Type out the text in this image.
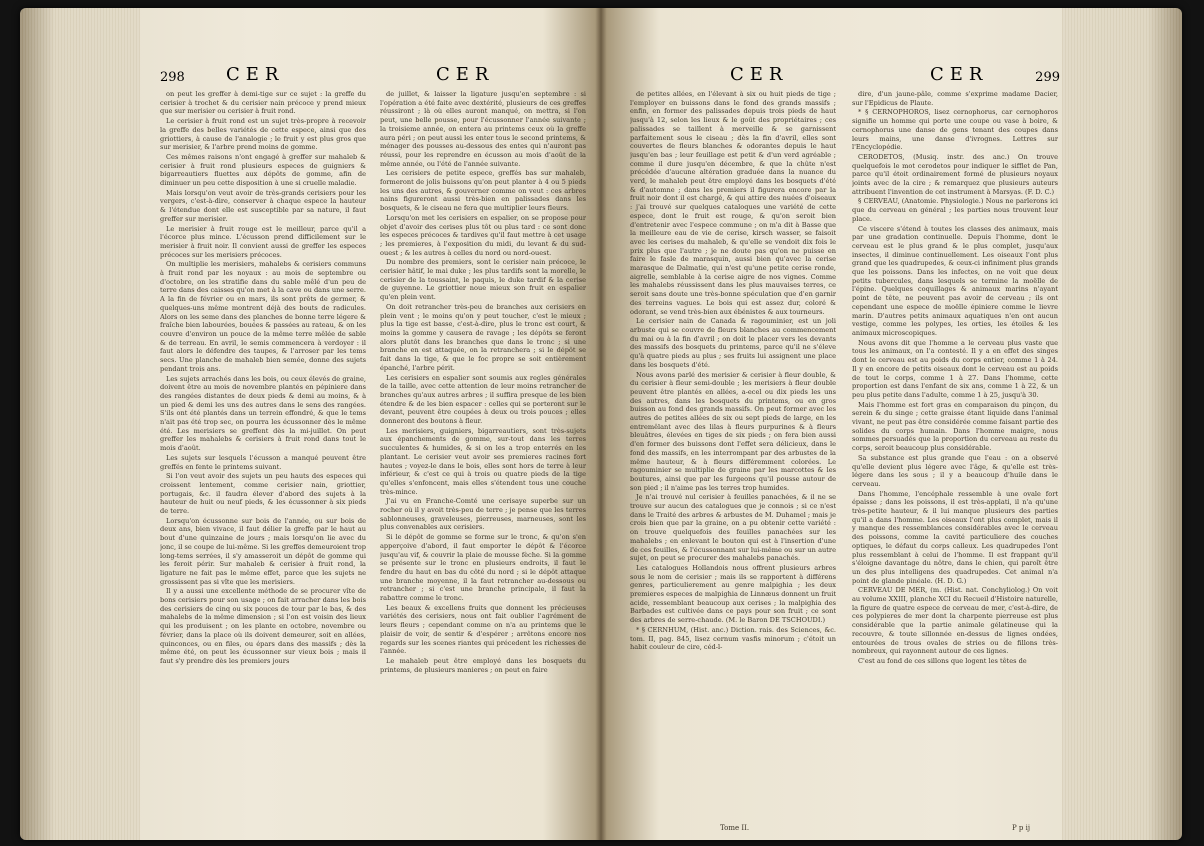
298 CER	CER

on peut les greffer à demi-tige sur ce sujet : la greffe du cerisier à trochet & du cerisier nain précoce y prend mieux que sur merisier ou cerisier à fruit rond.

Le cerisier à fruit rond est un sujet très-propre à recevoir la greffe des belles variétés de cette espece, ainsi que des griottiers, à cause de l'analogie ; le fruit y est plus gros que sur merisier, & l'arbre prend moins de gomme.

Ces mêmes raisons n'ont engagé à greffer sur mahaleb & cerisier à fruit rond plusieurs especes de guigniers & bigarreautiers fluettes aux dépôts de gomme, afin de diminuer un peu cette disposition à une si cruelle maladie.

Mais lorsqu'on veut avoir de très-grands cerisiers pour les vergers, c'est-à-dire, conserver à chaque espece la hauteur & l'étendue dont elle est susceptible par sa nature, il faut greffer sur merisier.

Le merisier à fruit rouge est le meilleur, parce qu'il a l'écorce plus mince. L'écusson prend difficilement sur le merisier à fruit noir. Il convient aussi de greffer les especes précoces sur les merisiers précoces.

On multiplie les merisiers, mahalebs & cerisiers communs à fruit rond par les noyaux : au mois de septembre ou d'octobre, on les stratifie dans du sable mêlé d'un peu de terre dans des caisses qu'on met à la cave ou dans une serre. A la fin de février ou en mars, ils sont prêts de germer, & quelques-uns même montrent déjà des bouts de radicules. Alors on les seme dans des planches de bonne terre légere & fraîche bien labourées, bouées & passées au rateau, & on les couvre d'environ un pouce de la même terre mêlée de sable & de terreau. En avril, le semis commencera à verdoyer : il faut alors le défendre des taupes, & l'arroser par les tems secs. Une planche de mahaleb bien semée, donne des sujets pendant trois ans.

Les sujets arrachés dans les bois, ou ceux élevés de graine, doivent être au mois de novembre plantés en pépiniere dans des rangées distantes de deux pieds & demi au moins, & à un pied & demi les uns des autres dans le sens des rangées. S'ils ont été plantés dans un terrein effondré, & que le tems n'ait pas été trop sec, on pourra les écussonner dès le même été. Les merisiers se greffent dès la mi-juillet. On peut greffer les mahalebs & cerisiers à fruit rond dans tout le mois d'août.

Les sujets sur lesquels l'écusson a manqué peuvent être greffés en fente le printems suivant.

Si l'on veut avoir des sujets un peu hauts des especes qui croissent lentement, comme cerisier nain, griottier, portugais, &c. il faudra élever d'abord des sujets à la hauteur de huit ou neuf pieds, & les écussonner à six pieds de terre.

Lorsqu'on écussonne sur bois de l'année, ou sur bois de deux ans, bien vivace, il faut délier la greffe par le haut au bout d'une quinzaine de jours ; mais lorsqu'on lie avec du jonc, il se coupe de lui-même. Si les greffes demeuroient trop long-tems serrées, il s'y amasseroit un dépôt de gomme qui les feroit périr. Sur mahaleb & cerisier à fruit rond, la ligature ne fait pas le même effet, parce que les sujets ne grossissent pas si vîte que les merisiers.

Il y a aussi une excellente méthode de se procurer vîte de bons cerisiers pour son usage ; on fait arracher dans les bois des cerisiers de cinq ou six pouces de tour par le bas, & des mahalebs de la même dimension ; si l'on est voisin des lieux qui les produisent ; on les plante en octobre, novembre ou février, dans la place où ils doivent demeurer, soit en allées, quinconces, ou en files, ou épars dans des massifs ; dès la même été, on peut les écussonner sur vieux bois ; mais il faut s'y prendre dès les premiers jours

de juillet, & laisser la ligature jusqu'en septembre : si l'opération a été faite avec dextérité, plusieurs de ces greffes réussiront ; là où elles auront manqué, on mettra, si l'on peut, une belle pousse, pour l'écussonner l'année suivante ; la troisieme année, on entera au printems ceux où la greffe aura péri ; on peut aussi les enter tous le second printems, & ménager des pousses au-dessous des entes qui n'auront pas réussi, pour les reprendre en écusson au mois d'août de la même année, ou l'été de l'année suivante.

Les cerisiers de petite espece, greffés bas sur mahaleb, formeront de jolis buissons qu'on peut planter à 4 ou 5 pieds les uns des autres, & gouverner comme on veut : ces arbres nains figureront aussi très-bien en palissades dans les bosquets, & le ciseau ne fera que multiplier leurs fleurs.

Lorsqu'on met les cerisiers en espalier, on se propose pour objet d'avoir des cerises plus tôt ou plus tard : ce sont donc les especes précoces & tardives qu'il faut mettre à cet usage ; les premieres, à l'exposition du midi, du levant & du sud-ouest ; & les autres à celles du nord ou nord-ouest.

Du nombre des premiers, sont le cerisier nain précoce, le cerisier hâtif, le mai duke ; les plus tardifs sont la morelle, le cerisier de la toussaint, le paquis, le duke tardif & la cerise de guyenne. Le griottier noue mieux son fruit en espalier qu'en plein vent.

On doit retrancher très-peu de branches aux cerisiers en plein vent ; le moins qu'on y peut toucher, c'est le mieux ; plus la tige est basse, c'est-à-dire, plus le tronc est court, & moins la gomme y causera de ravage ; les dépôts se feront alors plutôt dans les branches que dans le tronc ; si une branche en est attaquée, on la retranchera ; si le dépôt se fait dans la tige, & que le foc propre se soit entièrement épanché, l'arbre périt.

Les cerisiers en espalier sont soumis aux regles générales de la taille, avec cette attention de leur moins retrancher de branches qu'aux autres arbres ; il suffira presque de les bien étendre & de les bien espacer : celles qui se porteront sur le devant, peuvent être coupées à deux ou trois pouces ; elles donneront des boutons à fleur.

Les merisiers, guigniers, bigarreautiers, sont très-sujets aux épanchements de gomme, sur-tout dans les terres succulentes & humides, & si on les a trop enterrés en les plantant. Le cerisier veut avoir ses premieres racines fort hautes ; voyez-le dans le bois, elles sont hors de terre à leur inférieur, & c'est ce qui à trois ou quatre pieds de la tige qu'elles s'enfoncent, mais elles s'étendent tous une couche très-mince.

J'ai vu en Franche-Comté une cerisaye superbe sur un rocher où il y avoit très-peu de terre ; je pense que les terres sablonneuses, graveleuses, pierreuses, marneuses, sont les plus convenables aux cerisiers.

Si le dépôt de gomme se forme sur le tronc, & qu'on s'en apperçoive d'abord, il faut emporter le dépôt & l'écorce jusqu'au vif, & couvrir la plaie de mousse fèche. Si la gomme se présente sur le tronc en plusieurs endroits, il faut le fendre du haut en bas du côté du nord ; si le dépôt attaque une branche moyenne, il la faut retrancher au-dessous ou retrancher ; si c'est une branche principale, il faut la rabattre comme le tronc.

Les beaux & excellens fruits que donnent les précieuses variétés des cerisiers, nous ont fait oublier l'agrément de leurs fleurs ; cependant comme on n'a au printems que le plaisir de voir, de sentir & d'espérer ; arrêtons encore nos regards sur les scenes riantes qui précedent les richesses de l'année.

Le mahaleb peut être employé dans les bosquets du printems, de plusieurs manieres ; on peut en faire

CER	CER	299

de petites allées, en l'élevant à six ou huit pieds de tige ; l'employer en buissons dans le fond des grands massifs ; enfin, en former des palissades depuis trois pieds de haut jusqu'à 12, selon les lieux & le goût des propriétaires ; ces palissades se taillent à merveille & se garnissent parfaitement sous le ciseau ; dès la fin d'avril, elles sont couvertes de fleurs blanches & odorantes depuis le haut jusqu'en bas ; leur feuillage est petit & d'un verd agréable ; comme il dure jusqu'en décembre, & que la chûte n'est précédée d'aucune altération graduée dans la nuance du verd, le mahaleb peut être employé dans les bosquets d'été & d'automne ; dans les premiers il figurera encore par la fruit noir dont il est chargé, & qui attire des nuées d'oiseaux : j'ai trouvé sur quelques cataloques une variété de cette espece, dont le fruit est rouge, & qu'on seroit bien d'entretenir avec l'espece commune ; on m'a dit à Basse que la meilleure eau de vie de cerise, kirsch wasser, se faisoit avec les cerises du mahaleb, & qu'elle se vendoit dix fois le prix plus que l'autre ; je ne doute pas qu'on ne puisse en faire le fasle de marasquin, aussi bien qu'avec la cerise marasque de Dalmatie, qui n'est qu'une petite cerise ronde, aigrelle, semblable à la cerise aigre de nos vignes. Comme les mahalebs réussissent dans les plus mauvaises terres, ce seroit sans doute une très-bonne spéculation que d'en garnir des terreins vagues. Le bois qui est assez dur, coloré & odorant, se vend très-bien aux ébénistes & aux tourneurs.

Le cerisier nain de Canada & ragouminier, est un joli arbuste qui se couvre de fleurs blanches au commencement du mai ou à la fin d'avril ; on doit le placer vers les devants des massifs des bosquets du printems, parce qu'il ne s'éleve qu'à quatre pieds au plus ; ses fruits lui assignent une place dans les bosquets d'été.

Nous avons parlé des merisier & cerisier à fleur double, & du cerisier à fleur semi-double ; les merisiers à fleur double peuvent être plantés en allées, a-ecel ou dix pieds les uns des autres, dans les bosquets du printems, ou en gros buisson au fond des grands massifs. On peut former avec les autres de petites allées de six ou sept pieds de large, en les entremêlant avec des lilas à fleurs purpurines & à fleurs bleuâtres, élevées en tiges de six pieds ; on fera bien aussi d'en former des buissons dont l'effet sera délicieux, dans le fond des massifs, en les interrompant par des arbustes de la même hauteur, & à fleurs différemment colorées. Le ragouminier se multiplie de graine par les marcottes & les boutures, ainsi que par les furgeons qu'il pousse autour de son pied ; il n'aime pas les terres trop humides.

Je n'ai trouvé nul cerisier à feuilles panachées, & il ne se trouve sur aucun des catalogues que je connois ; si ce n'est dans le Traité des arbres & arbustes de M. Duhamel ; mais je crois bien que par la graine, on a pu obtenir cette variété : on trouve quelquefois des feuilles panachées sur les mahalebs ; en enlevant le bouton qui est à l'insertion d'une de ces feuilles, & l'écussonnant sur lui-même ou sur un autre sujet, on peut se procurer des mahalebs panachés.

Les catalogues Hollandois nous offrent plusieurs arbres sous le nom de cerisier ; mais ils se rapportent à différens genres, particulierement au genre malpighia ; les deux premieres especes de malpighia de Linnæus donnent un fruit acide, ressemblant beaucoup aux cerises ; la malpighia des Barbades est cultivée dans ce pays pour son fruit ; ce sont des arbres de serre-chaude. (M. le Baron DE TSCHOUDI.)

* § CERNHUM, (Hist. anc.) Diction. rais. des Sciences, &c. tom. II, pag. 845, lisez cernum vasfis minorum ; c'étoit un habit couleur de cire, céd-l-

dire, d'un jaune-pâle, comme s'exprime madame Dacier, sur l'Epidicus de Plaute.

* § CERNOPHOROS, lisez cernophorus, car cernophoros signifie un homme qui porte une coupe ou vase à boire, & cernophorus une danse de gens tenant des coupes dans leurs mains, une danse d'ivrognes. Lettres sur l'Encyclopédie.

CERODETOS, (Musiq. instr. des anc.) On trouve quelquefois le mot cerodetos pour indiquer le sifflet de Pan, parce qu'il étoit ordinairement formé de plusieurs noyaux joints avec de la cire ; & remarquez que plusieurs auteurs attribuent l'invention de cet instrument à Marsyas. (F. D. C.)

§ CERVEAU, (Anatomie. Physiologie.) Nous ne parlerons ici que du cerveau en général ; les parties nous trouvent leur place.

Ce viscere s'étend à toutes les classes des animaux, mais par une gradation continuelle. Depuis l'homme, dont le cerveau est le plus grand & le plus complet, jusqu'aux insectes, il diminue continuellement. Les oiseaux l'ont plus grand que les quadrupedes, & ceux-ci infiniment plus grands que les poissons. Dans les infectes, on ne voit que deux petits tubercules, dans lesquels se termine la moëlle de l'épine. Quelques coquillages & animaux marins n'ayant point de tête, ne peuvent pas avoir de cerveau ; ils ont cependant une espece de moëlle épiniere comme le lievre marin. D'autres petits animaux aquatiques n'en ont aucun vestige, comme les polypes, les orties, les étoiles & les animaux microscopiques.

Nous avons dit que l'homme a le cerveau plus vaste que tous les animaux, on l'a contesté. Il y a en effet des singes dont le cerveau est au poids du corps entier, comme 1 à 24. Il y en encore de petits oiseaux dont le cerveau est au poids de tout le corps, comme 1 à 27. Dans l'homme, cette proportion est dans l'enfant de six ans, comme 1 à 22, & un peu plus petite dans l'adulte, comme 1 à 25, jusqu'à 30.

Mais l'homme est fort gras en comparaison du pinçon, du serein & du singe ; cette graisse étant liquide dans l'animal vivant, ne peut pas être considérée comme faisant partie des solides du corps humain. Dans l'homme maigre, nous sommes persuadés que la proportion du cerveau au reste du corps, seroit beaucoup plus considérable.

Sa substance est plus grande que l'eau : on a observé qu'elle devient plus légere avec l'âge, & qu'elle est très-légere dans les sous ; il y a beaucoup d'huile dans le cerveau.

Dans l'homme, l'encéphale ressemble à une ovale fort épaisse ; dans les poissons, il est très-applati, il n'a qu'une très-petite hauteur, & il lui manque plusieurs des parties qu'il a dans l'homme. Les oiseaux l'ont plus complet, mais il y manque des ressemblances considérables avec le cerveau des poissons, comme la cavité particuliere des couches optiques, le défaut du corps calleux. Les quadrupedes l'ont plus ressemblant à celui de l'homme. Il est frappant qu'il s'éloigne davantage du nôtre, dans le chien, qui paroît être un des plus intelligens des quadrupedes. Cet animal n'a point de glande pinéale. (H. D. G.)

CERVEAU DE MER, (m. (Hist. nat. Conchyliolog.) On voit au volume XXIII, planche XCI du Recueil d'Histoire naturelle, la figure de quatre espece de cerveau de mer, c'est-à-dire, de ces polypieres de mer dont la charpente pierreuse est plus considérable que la partie animale gélatineuse qui la recouvre, & toute sillonnée en-dessus de lignes ondées, entourées de trous ovales de stries ou de fillons très-nombreux, qui rayonnent autour de ces lignes.

C'est au fond de ces sillons que logent les têtes de

Tome II.	P p ij
